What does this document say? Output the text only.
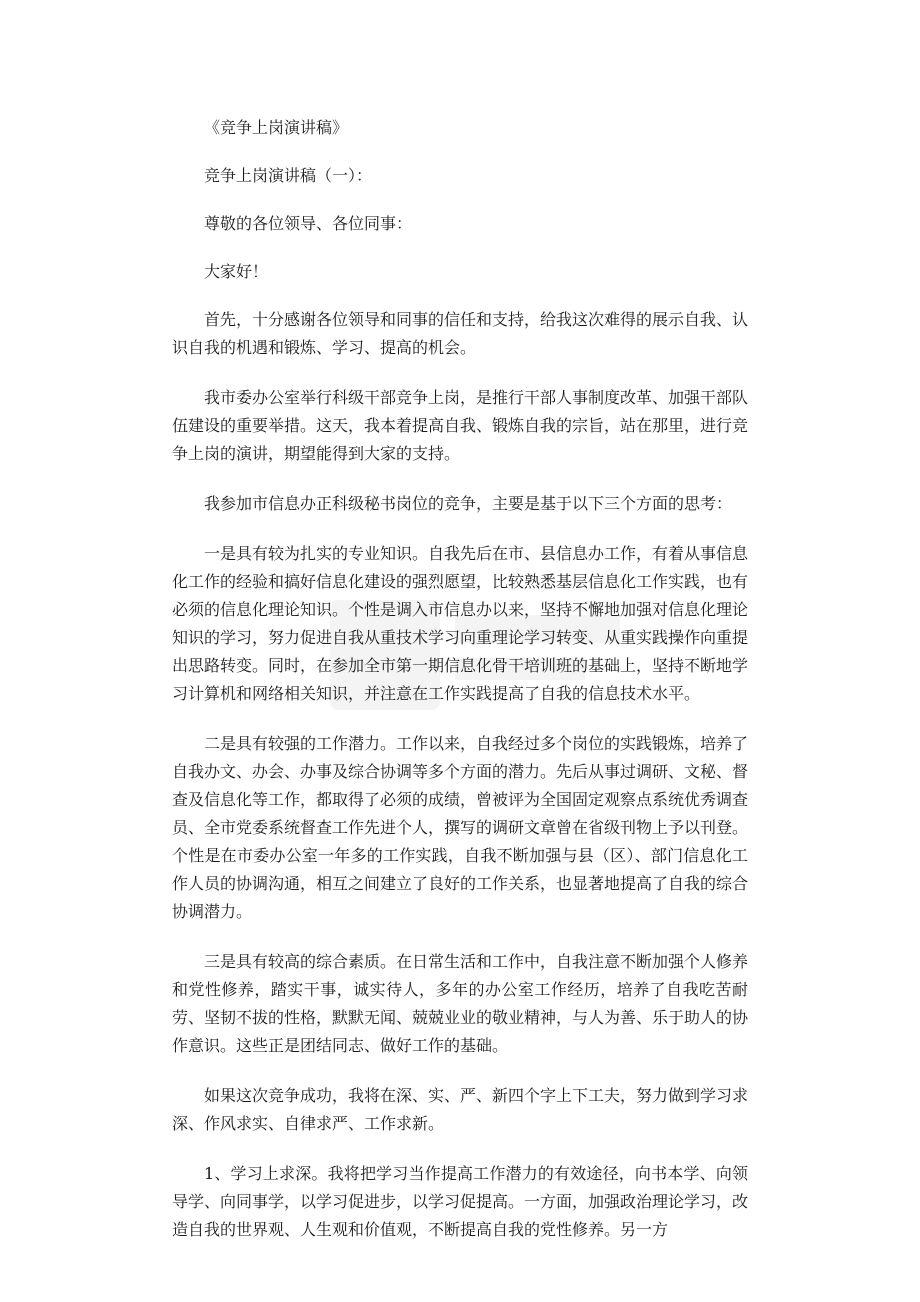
《竞争上岗演讲稿》

竞争上岗演讲稿（一）：

尊敬的各位领导、各位同事：

大家好！

首先，十分感谢各位领导和同事的信任和支持，给我这次难得的展示自我、认识自我的机遇和锻炼、学习、提高的机会。

我市委办公室举行科级干部竞争上岗，是推行干部人事制度改革、加强干部队伍建设的重要举措。这天，我本着提高自我、锻炼自我的宗旨，站在那里，进行竞争上岗的演讲，期望能得到大家的支持。

我参加市信息办正科级秘书岗位的竞争，主要是基于以下三个方面的思考：

一是具有较为扎实的专业知识。自我先后在市、县信息办工作，有着从事信息化工作的经验和搞好信息化建设的强烈愿望，比较熟悉基层信息化工作实践，也有必须的信息化理论知识。个性是调入市信息办以来，坚持不懈地加强对信息化理论知识的学习，努力促进自我从重技术学习向重理论学习转变、从重实践操作向重提出思路转变。同时，在参加全市第一期信息化骨干培训班的基础上，坚持不断地学习计算机和网络相关知识，并注意在工作实践提高了自我的信息技术水平。

二是具有较强的工作潜力。工作以来，自我经过多个岗位的实践锻炼，培养了自我办文、办会、办事及综合协调等多个方面的潜力。先后从事过调研、文秘、督查及信息化等工作，都取得了必须的成绩，曾被评为全国固定观察点系统优秀调查员、全市党委系统督查工作先进个人，撰写的调研文章曾在省级刊物上予以刊登。个性是在市委办公室一年多的工作实践，自我不断加强与县（区）、部门信息化工作人员的协调沟通，相互之间建立了良好的工作关系，也显著地提高了自我的综合协调潜力。

三是具有较高的综合素质。在日常生活和工作中，自我注意不断加强个人修养和党性修养，踏实干事，诚实待人，多年的办公室工作经历，培养了自我吃苦耐劳、坚韧不拔的性格，默默无闻、兢兢业业的敬业精神，与人为善、乐于助人的协作意识。这些正是团结同志、做好工作的基础。

如果这次竞争成功，我将在深、实、严、新四个字上下工夫，努力做到学习求深、作风求实、自律求严、工作求新。

1、学习上求深。我将把学习当作提高工作潜力的有效途径，向书本学、向领导学、向同事学，以学习促进步，以学习促提高。一方面，加强政治理论学习，改造自我的世界观、人生观和价值观，不断提高自我的党性修养。另一方
